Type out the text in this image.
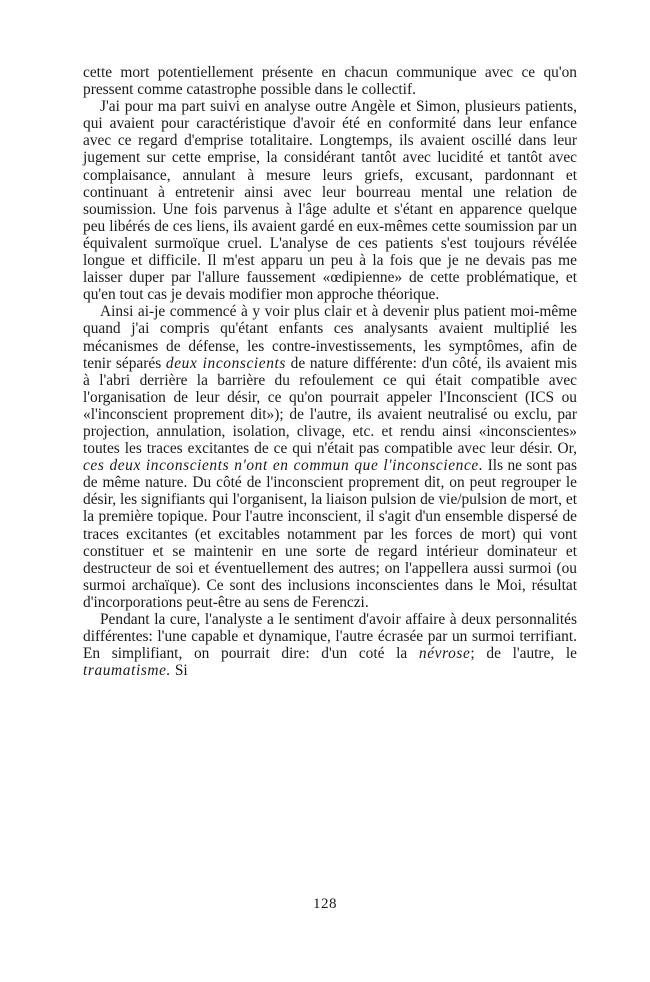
cette mort potentiellement présente en chacun communique avec ce qu'on pressent comme catastrophe possible dans le collectif.

J'ai pour ma part suivi en analyse outre Angèle et Simon, plusieurs patients, qui avaient pour caractéristique d'avoir été en conformité dans leur enfance avec ce regard d'emprise totalitaire. Longtemps, ils avaient oscillé dans leur jugement sur cette emprise, la considérant tantôt avec lucidité et tantôt avec complaisance, annulant à mesure leurs griefs, excusant, pardonnant et continuant à entretenir ainsi avec leur bourreau mental une relation de soumission. Une fois parvenus à l'âge adulte et s'étant en apparence quelque peu libérés de ces liens, ils avaient gardé en eux-mêmes cette soumission par un équivalent surmoïque cruel. L'analyse de ces patients s'est toujours révélée longue et difficile. Il m'est apparu un peu à la fois que je ne devais pas me laisser duper par l'allure faussement «œdipienne» de cette problématique, et qu'en tout cas je devais modifier mon approche théorique.

Ainsi ai-je commencé à y voir plus clair et à devenir plus patient moi-même quand j'ai compris qu'étant enfants ces analysants avaient multiplié les mécanismes de défense, les contre-investissements, les symptômes, afin de tenir séparés deux inconscients de nature différente: d'un côté, ils avaient mis à l'abri derrière la barrière du refoulement ce qui était compatible avec l'organisation de leur désir, ce qu'on pourrait appeler l'Inconscient (ICS ou «l'inconscient proprement dit»); de l'autre, ils avaient neutralisé ou exclu, par projection, annulation, isolation, clivage, etc. et rendu ainsi «inconscientes» toutes les traces excitantes de ce qui n'était pas compatible avec leur désir. Or, ces deux inconscients n'ont en commun que l'inconscience. Ils ne sont pas de même nature. Du côté de l'inconscient proprement dit, on peut regrouper le désir, les signifiants qui l'organisent, la liaison pulsion de vie/pulsion de mort, et la première topique. Pour l'autre inconscient, il s'agit d'un ensemble dispersé de traces excitantes (et excitables notamment par les forces de mort) qui vont constituer et se maintenir en une sorte de regard intérieur dominateur et destructeur de soi et éventuellement des autres; on l'appellera aussi surmoi (ou surmoi archaïque). Ce sont des inclusions inconscientes dans le Moi, résultat d'incorporations peut-être au sens de Ferenczi.

Pendant la cure, l'analyste a le sentiment d'avoir affaire à deux personnalités différentes: l'une capable et dynamique, l'autre écrasée par un surmoi terrifiant. En simplifiant, on pourrait dire: d'un coté la névrose; de l'autre, le traumatisme. Si

128
